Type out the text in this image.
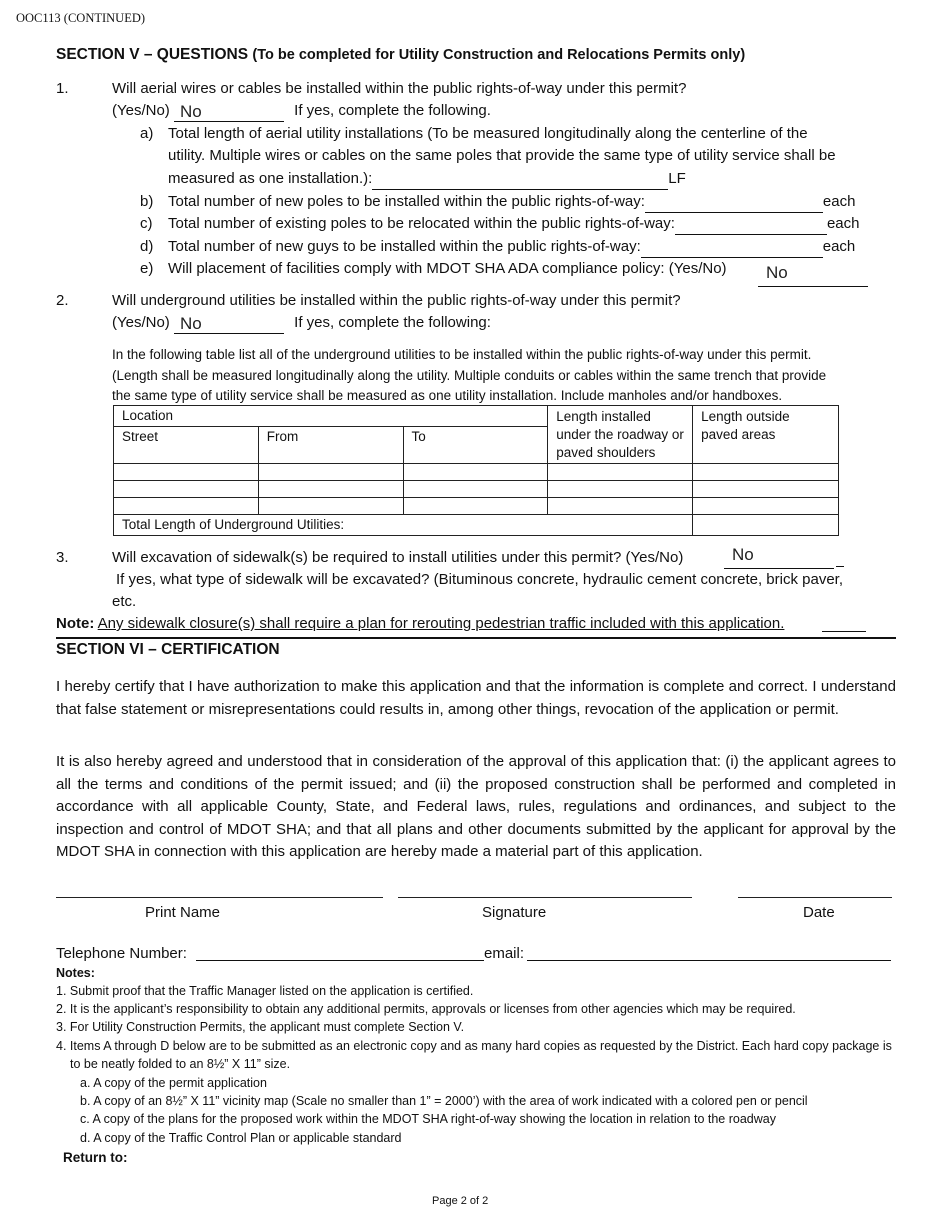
OOC113 (CONTINUED)
SECTION V – QUESTIONS (To be completed for Utility Construction and Relocations Permits only)
1.	Will aerial wires or cables be installed within the public rights-of-way under this permit?
(Yes/No) No	If yes, complete the following.
a) Total length of aerial utility installations (To be measured longitudinally along the centerline of the
utility. Multiple wires or cables on the same poles that provide the same type of utility service shall be
measured as one installation.):	LF
b) Total number of new poles to be installed within the public rights-of-way:	each
c) Total number of existing poles to be relocated within the public rights-of-way:	each
d) Total number of new guys to be installed within the public rights-of-way:	each
e) Will placement of facilities comply with MDOT SHA ADA compliance policy: (Yes/No) No
2.	Will underground utilities be installed within the public rights-of-way under this permit?
(Yes/No) No	If yes, complete the following:
In the following table list all of the underground utilities to be installed within the public rights-of-way under this permit.
(Length shall be measured longitudinally along the utility. Multiple conduits or cables within the same trench that provide
the same type of utility service shall be measured as one utility installation. Include manholes and/or handboxes.
Location			Length installed under the roadway or paved shoulders	Length outside paved areas
Street	From	To		

Total Length of Underground Utilities:				
3.	Will excavation of sidewalk(s) be required to install utilities under this permit? (Yes/No)	No
If yes, what type of sidewalk will be excavated? (Bituminous concrete, hydraulic cement concrete, brick paver,
etc.
Note: Any sidewalk closure(s) shall require a plan for rerouting pedestrian traffic included with this application.
SECTION VI – CERTIFICATION
I hereby certify that I have authorization to make this application and that the information is complete and correct. I understand that false statement or misrepresentations could results in, among other things, revocation of the application or permit.
It is also hereby agreed and understood that in consideration of the approval of this application that: (i) the applicant agrees to all the terms and conditions of the permit issued; and (ii) the proposed construction shall be performed and completed in accordance with all applicable County, State, and Federal laws, rules, regulations and ordinances, and subject to the inspection and control of MDOT SHA; and that all plans and other documents submitted by the applicant for approval by the MDOT SHA in connection with this application are hereby made a material part of this application.
Print Name	Signature	Date
Telephone Number:	email:
Notes:
1. Submit proof that the Traffic Manager listed on the application is certified.
2. It is the applicant’s responsibility to obtain any additional permits, approvals or licenses from other agencies which may be required.
3. For Utility Construction Permits, the applicant must complete Section V.
4. Items A through D below are to be submitted as an electronic copy and as many hard copies as requested by the District. Each hard copy package is
to be neatly folded to an 8½” X 11” size.
a. A copy of the permit application
b. A copy of an 8½” X 11” vicinity map (Scale no smaller than 1” = 2000’) with the area of work indicated with a colored pen or pencil
c. A copy of the plans for the proposed work within the MDOT SHA right-of-way showing the location in relation to the roadway
d. A copy of the Traffic Control Plan or applicable standard
Return to:
Page 2 of 2
